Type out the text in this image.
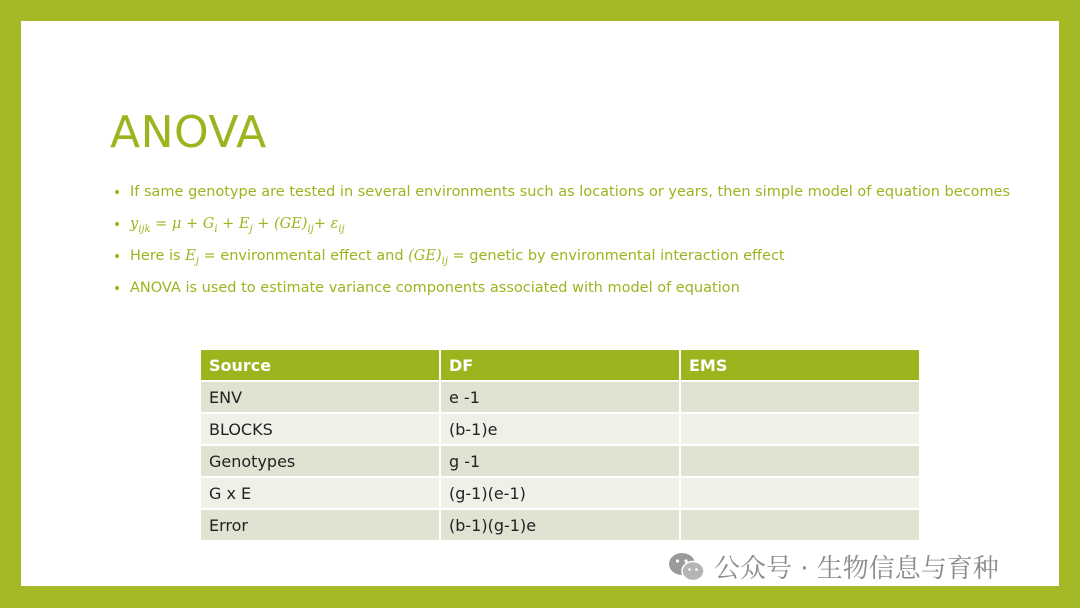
ANOVA
If same genotype are tested in several environments such as locations or years, then simple model of equation becomes
$y_{ijk} = \mu + G_i + E_j + (GE)_{ij}+ \varepsilon_{ij}$
Here is $E_j$ = environmental effect and $(GE)_{ij}$ = genetic by environmental interaction effect
ANOVA is used to estimate variance components associated with model of equation
Source	DF	EMS
ENV	e -1	
BLOCKS	(b-1)e	
Genotypes	g -1	
G x E	(g-1)(e-1)	
Error	(b-1)(g-1)e	
公众号 · 生物信息与育种
